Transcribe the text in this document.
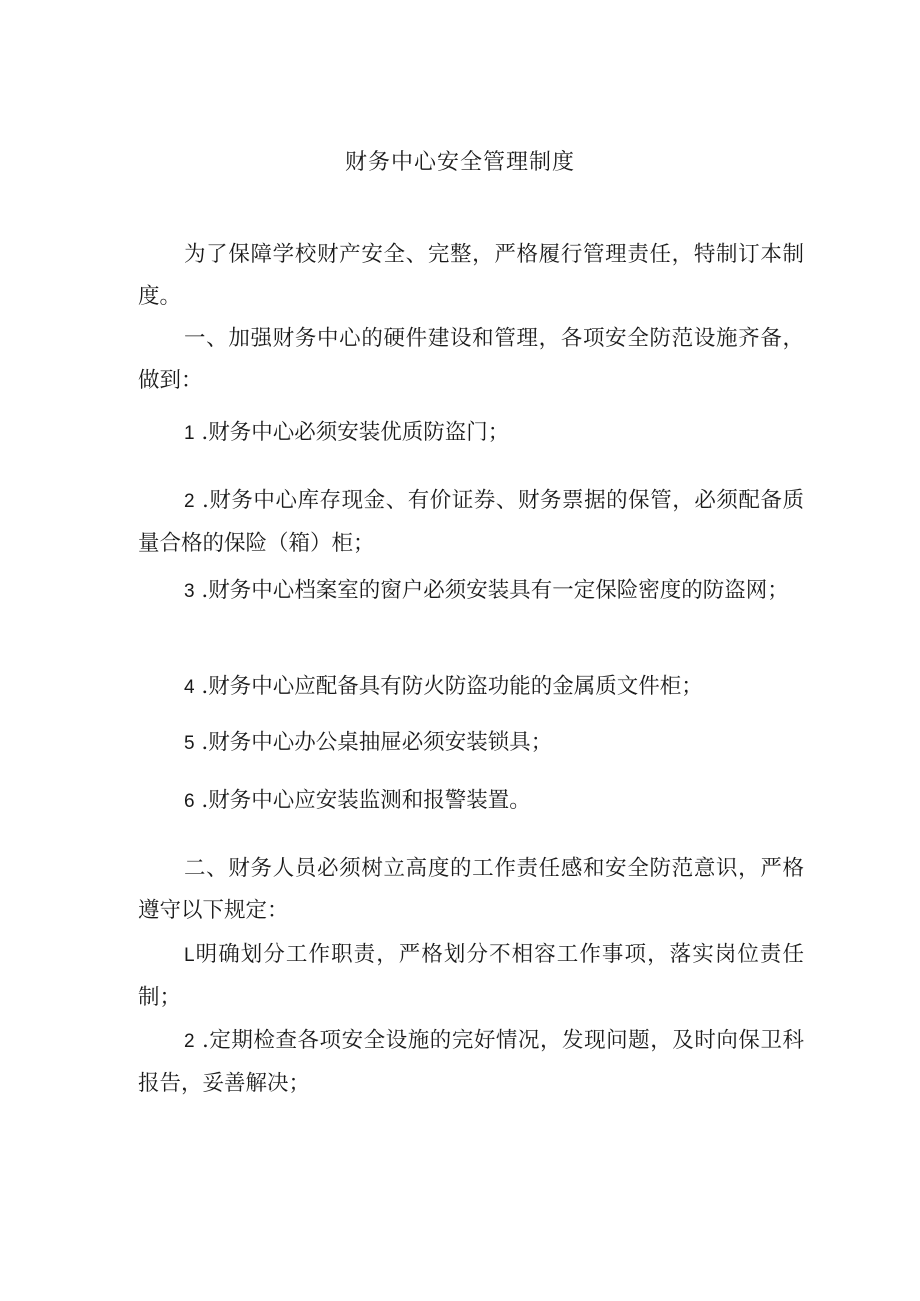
财务中心安全管理制度

为了保障学校财产安全、完整，严格履行管理责任，特制订本制度。

一、加强财务中心的硬件建设和管理，各项安全防范设施齐备，做到：

1 .财务中心必须安装优质防盗门；

2 .财务中心库存现金、有价证券、财务票据的保管，必须配备质量合格的保险（箱）柜；

3 .财务中心档案室的窗户必须安装具有一定保险密度的防盗网；

4 .财务中心应配备具有防火防盗功能的金属质文件柜；

5 .财务中心办公桌抽屉必须安装锁具；

6 .财务中心应安装监测和报警装置。

二、财务人员必须树立高度的工作责任感和安全防范意识，严格遵守以下规定：

L明确划分工作职责，严格划分不相容工作事项，落实岗位责任制；

2 .定期检查各项安全设施的完好情况，发现问题，及时向保卫科报告，妥善解决；
